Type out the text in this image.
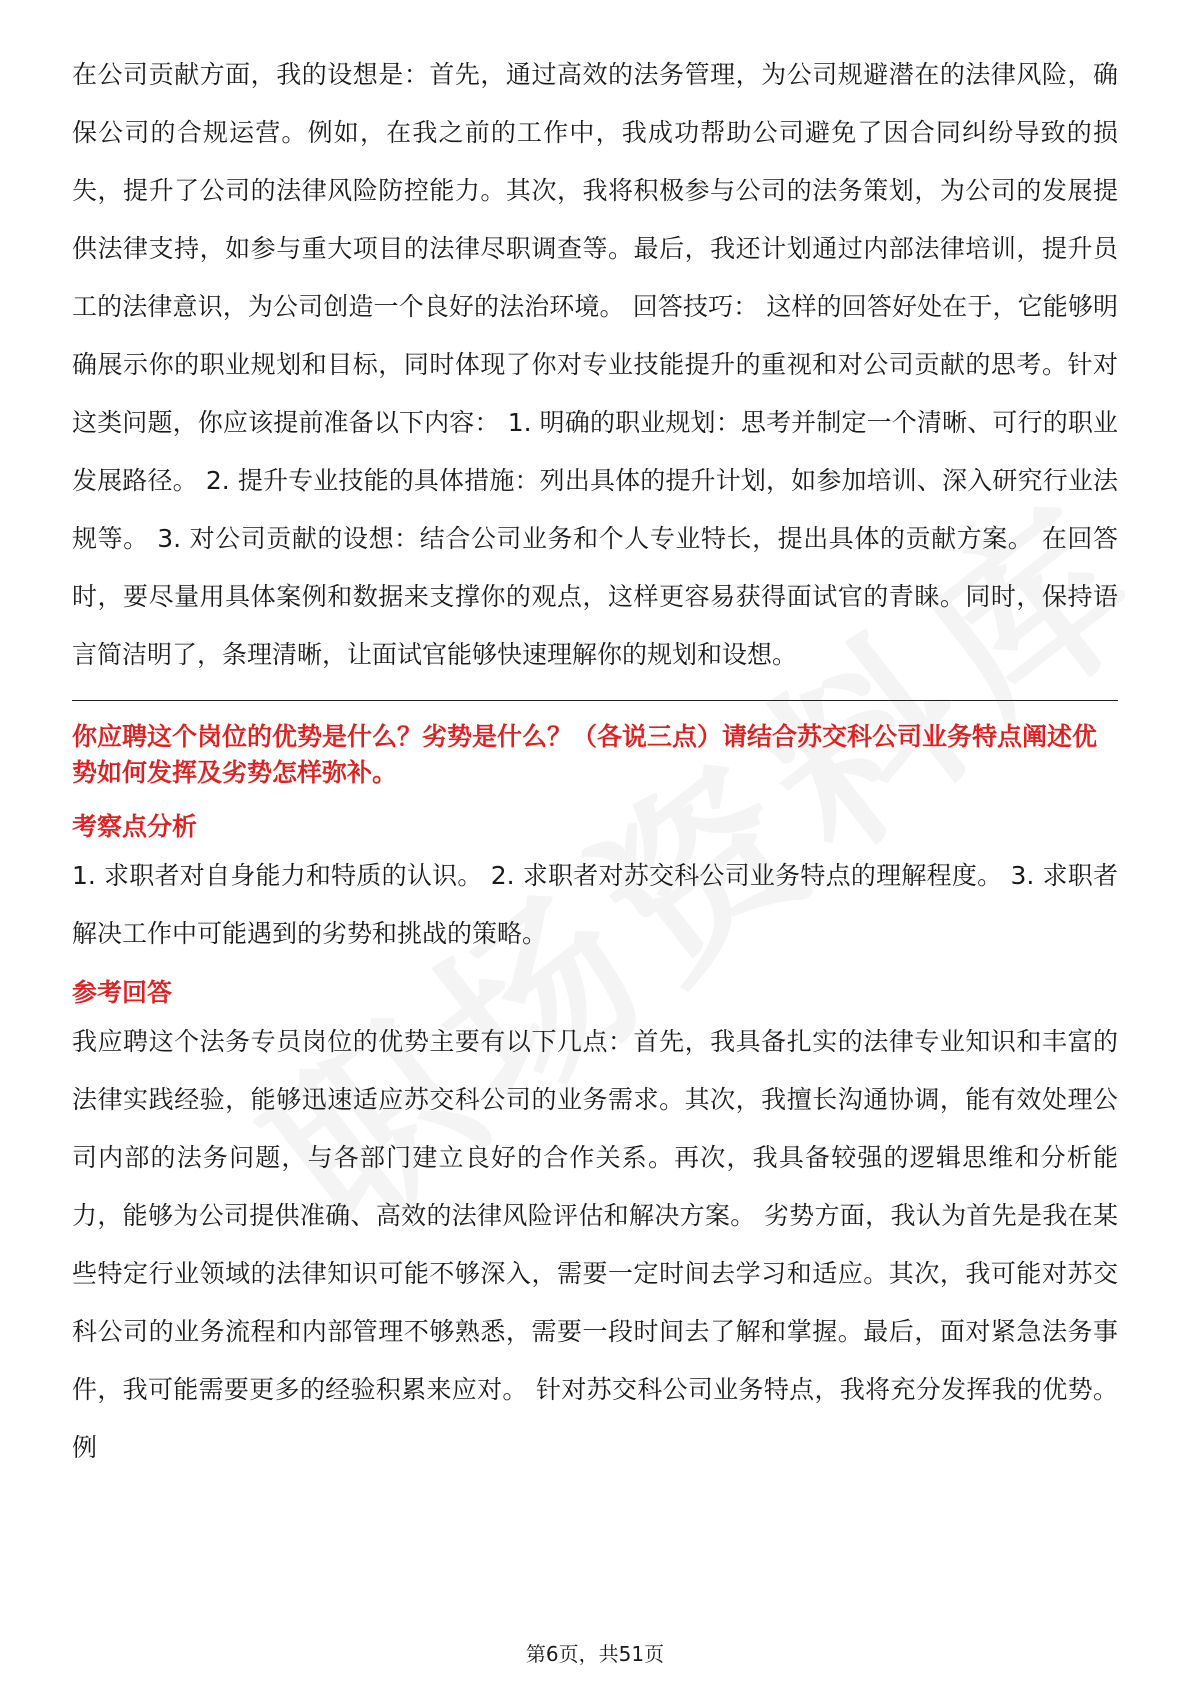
在公司贡献方面，我的设想是：首先，通过高效的法务管理，为公司规避潜在的法律风险，确保公司的合规运营。例如，在我之前的工作中，我成功帮助公司避免了因合同纠纷导致的损失，提升了公司的法律风险防控能力。其次，我将积极参与公司的法务策划，为公司的发展提供法律支持，如参与重大项目的法律尽职调查等。最后，我还计划通过内部法律培训，提升员工的法律意识，为公司创造一个良好的法治环境。 回答技巧： 这样的回答好处在于，它能够明确展示你的职业规划和目标，同时体现了你对专业技能提升的重视和对公司贡献的思考。针对这类问题，你应该提前准备以下内容： 1. 明确的职业规划：思考并制定一个清晰、可行的职业发展路径。 2. 提升专业技能的具体措施：列出具体的提升计划，如参加培训、深入研究行业法规等。 3. 对公司贡献的设想：结合公司业务和个人专业特长，提出具体的贡献方案。 在回答时，要尽量用具体案例和数据来支撑你的观点，这样更容易获得面试官的青睐。同时，保持语言简洁明了，条理清晰，让面试官能够快速理解你的规划和设想。

你应聘这个岗位的优势是什么？劣势是什么？（各说三点）请结合苏交科公司业务特点阐述优势如何发挥及劣势怎样弥补。

考察点分析

1. 求职者对自身能力和特质的认识。 2. 求职者对苏交科公司业务特点的理解程度。 3. 求职者解决工作中可能遇到的劣势和挑战的策略。

参考回答

我应聘这个法务专员岗位的优势主要有以下几点：首先，我具备扎实的法律专业知识和丰富的法律实践经验，能够迅速适应苏交科公司的业务需求。其次，我擅长沟通协调，能有效处理公司内部的法务问题，与各部门建立良好的合作关系。再次，我具备较强的逻辑思维和分析能力，能够为公司提供准确、高效的法律风险评估和解决方案。 劣势方面，我认为首先是我在某些特定行业领域的法律知识可能不够深入，需要一定时间去学习和适应。其次，我可能对苏交科公司的业务流程和内部管理不够熟悉，需要一段时间去了解和掌握。最后，面对紧急法务事件，我可能需要更多的经验积累来应对。 针对苏交科公司业务特点，我将充分发挥我的优势。例

第6页，共51页
